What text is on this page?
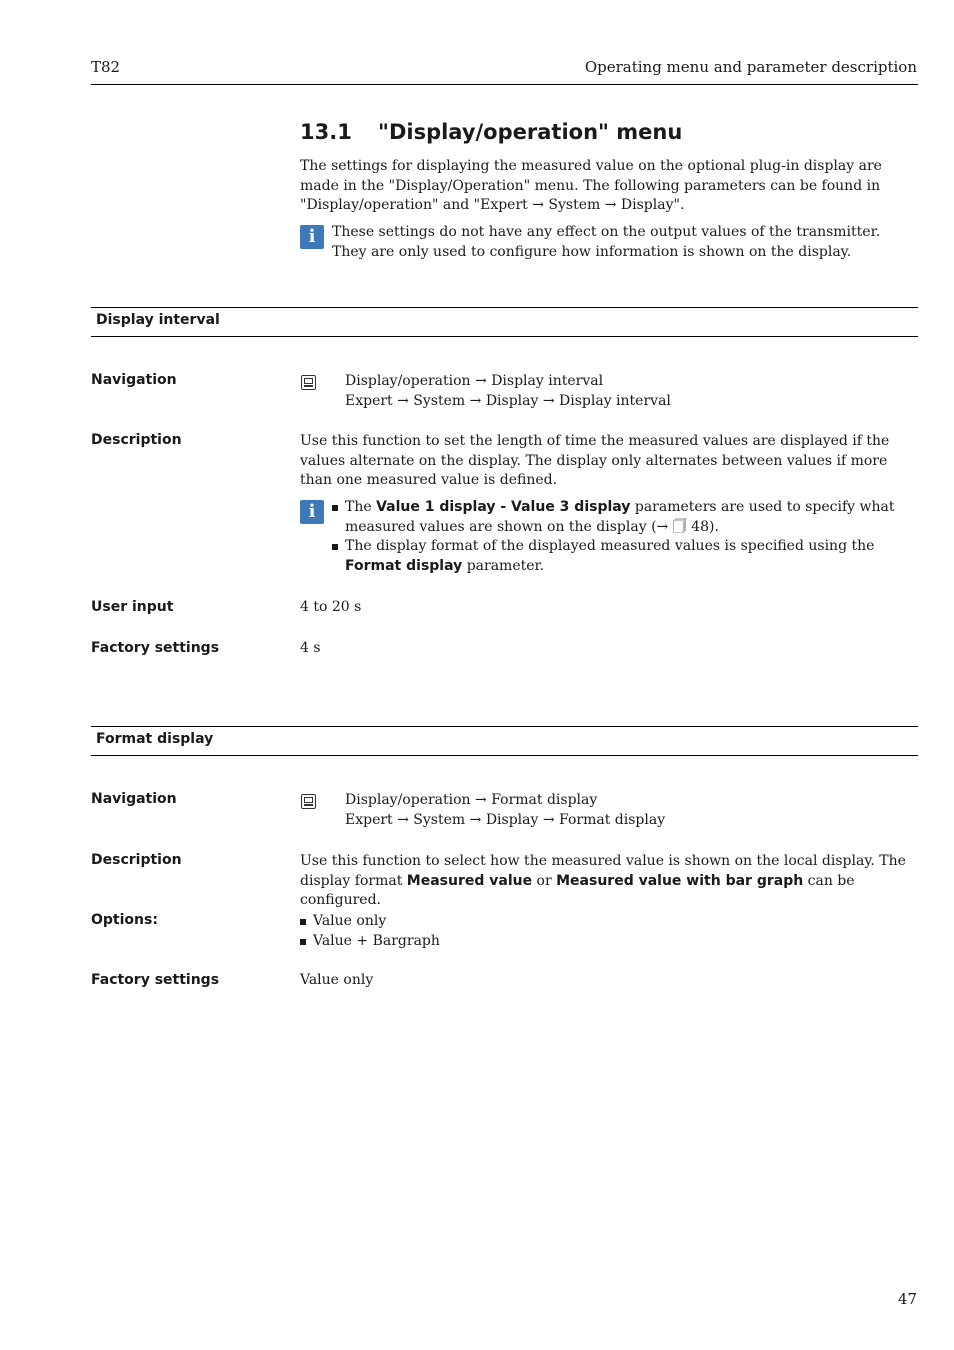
T82	Operating menu and parameter description
13.1 "Display/operation" menu
The settings for displaying the measured value on the optional plug-in display are made in the "Display/Operation" menu. The following parameters can be found in "Display/operation" and "Expert → System → Display".
i	These settings do not have any effect on the output values of the transmitter. They are only used to configure how information is shown on the display.
Display interval
Navigation	Display/operation → Display interval
Expert → System → Display → Display interval
Description	Use this function to set the length of time the measured values are displayed if the values alternate on the display. The display only alternates between values if more than one measured value is defined.
i	The Value 1 display - Value 3 display parameters are used to specify what measured values are shown on the display (→ 🗍 48).
The display format of the displayed measured values is specified using the Format display parameter.
User input	4 to 20 s
Factory settings	4 s
Format display
Navigation	Display/operation → Format display
Expert → System → Display → Format display
Description	Use this function to select how the measured value is shown on the local display. The display format Measured value or Measured value with bar graph can be configured.
Options:	Value only
Value + Bargraph
Factory settings	Value only
47
